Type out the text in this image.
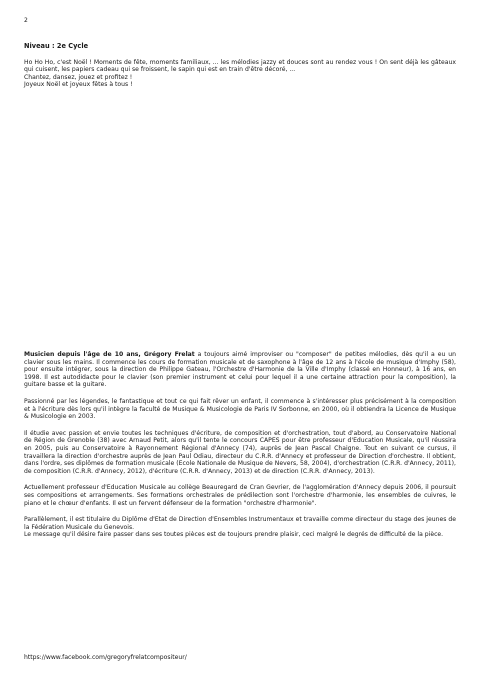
2
Niveau : 2e Cycle

Ho Ho Ho, c'est Noël ! Moments de fête, moments familiaux, ... les mélodies jazzy et douces sont au rendez vous ! On sent déjà les gâteaux qui cuisent, les papiers cadeau qui se froissent, le sapin qui est en train d'être décoré, ...

Chantez, dansez, jouez et profitez !

Joyeux Noël et joyeux fêtes à tous !

Musicien depuis l'âge de 10 ans, Grégory Frelat a toujours aimé improviser ou "composer" de petites mélodies, dès qu'il a eu un clavier sous les mains. Il commence les cours de formation musicale et de saxophone à l'âge de 12 ans à l'école de musique d'Imphy (58), pour ensuite intégrer, sous la direction de Philippe Gateau, l'Orchestre d'Harmonie de la Ville d'Imphy (classé en Honneur), à 16 ans, en 1998. Il est autodidacte pour le clavier (son premier instrument et celui pour lequel il a une certaine attraction pour la composition), la guitare basse et la guitare.

Passionné par les légendes, le fantastique et tout ce qui fait rêver un enfant, il commence à s'intéresser plus précisément à la composition et à l'écriture dès lors qu'il intègre la faculté de Musique & Musicologie de Paris IV Sorbonne, en 2000, où il obtiendra la Licence de Musique & Musicologie en 2003.

Il étudie avec passion et envie toutes les techniques d'écriture, de composition et d'orchestration, tout d'abord, au Conservatoire National de Région de Grenoble (38) avec Arnaud Petit, alors qu'il tente le concours CAPES pour être professeur d'Education Musicale, qu'il réussira en 2005, puis au Conservatoire à Rayonnement Régional d'Annecy (74), auprès de Jean Pascal Chaigne. Tout en suivant ce cursus, il travaillera la direction d'orchestre auprès de Jean Paul Odiau, directeur du C.R.R. d'Annecy et professeur de Direction d'orchestre. Il obtient, dans l'ordre, ses diplômes de formation musicale (Ecole Nationale de Musique de Nevers, 58, 2004), d'orchestration (C.R.R. d'Annecy, 2011), de composition (C.R.R. d'Annecy, 2012), d'écriture (C.R.R. d'Annecy, 2013) et de direction (C.R.R. d'Annecy, 2013).

Actuellement professeur d'Education Musicale au collège Beauregard de Cran Gevrier, de l'agglomération d'Annecy depuis 2006, il poursuit ses compositions et arrangements. Ses formations orchestrales de prédilection sont l'orchestre d'harmonie, les ensembles de cuivres, le piano et le chœur d'enfants. Il est un fervent défenseur de la formation "orchestre d'harmonie".

Parallèlement, il est titulaire du Diplôme d'Etat de Direction d'Ensembles Instrumentaux et travaille comme directeur du stage des jeunes de la Fédération Musicale du Genevois.

Le message qu'il désire faire passer dans ses toutes pièces est de toujours prendre plaisir, ceci malgré le degrés de difficulté de la pièce.

https://www.facebook.com/gregoryfrelatcompositeur/
